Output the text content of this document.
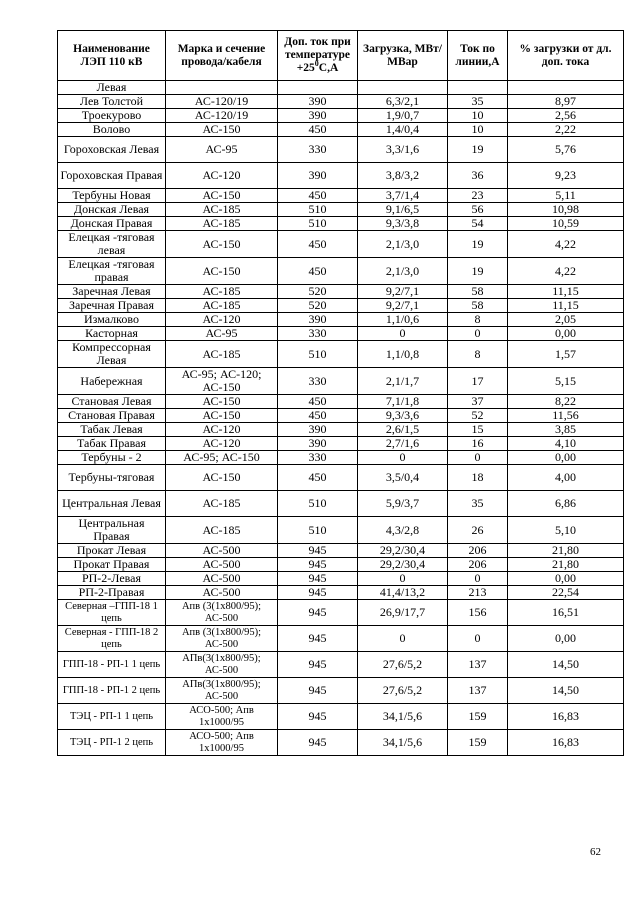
Наименование ЛЭП 110 кВ	Марка и сечение провода/кабеля	Доп. ток при температуре $+25^0С,А$	Загрузка, МВт/МВар	Ток по линии,А	% загрузки от дл. доп. тока
Левая					
Лев Толстой	АС-120/19	390	6,3/2,1	35	8,97
Троекурово	АС-120/19	390	1,9/0,7	10	2,56
Волово	АС-150	450	1,4/0,4	10	2,22
Гороховская Левая	АС-95	330	3,3/1,6	19	5,76
Гороховская Правая	АС-120	390	3,8/3,2	36	9,23
Тербуны Новая	АС-150	450	3,7/1,4	23	5,11
Донская Левая	АС-185	510	9,1/6,5	56	10,98
Донская Правая	АС-185	510	9,3/3,8	54	10,59
Елецкая -тяговая левая	АС-150	450	2,1/3,0	19	4,22
Елецкая -тяговая правая	АС-150	450	2,1/3,0	19	4,22
Заречная Левая	АС-185	520	9,2/7,1	58	11,15
Заречная Правая	АС-185	520	9,2/7,1	58	11,15
Измалково	АС-120	390	1,1/0,6	8	2,05
Касторная	АС-95	330	0	0	0,00
Компрессорная Левая	АС-185	510	1,1/0,8	8	1,57
Набережная	АС-95; АС-120; АС-150	330	2,1/1,7	17	5,15
Становая Левая	АС-150	450	7,1/1,8	37	8,22
Становая Правая	АС-150	450	9,3/3,6	52	11,56
Табак Левая	АС-120	390	2,6/1,5	15	3,85
Табак Правая	АС-120	390	2,7/1,6	16	4,10
Тербуны - 2	АС-95; АС-150	330	0	0	0,00
Тербуны-тяговая	АС-150	450	3,5/0,4	18	4,00
Центральная Левая	АС-185	510	5,9/3,7	35	6,86
Центральная Правая	АС-185	510	4,3/2,8	26	5,10
Прокат Левая	АС-500	945	29,2/30,4	206	21,80
Прокат Правая	АС-500	945	29,2/30,4	206	21,80
РП-2-Левая	АС-500	945	0	0	0,00
РП-2-Правая	АС-500	945	41,4/13,2	213	22,54
Северная –ГПП-18 1 цепь	Апв (3(1х800/95); АС-500	945	26,9/17,7	156	16,51
Северная - ГПП-18 2 цепь	Апв (3(1х800/95); АС-500	945	0	0	0,00
ГПП-18 - РП-1 1 цепь	АПв(3(1х800/95); АС-500	945	27,6/5,2	137	14,50
ГПП-18 - РП-1 2 цепь	АПв(3(1х800/95); АС-500	945	27,6/5,2	137	14,50
ТЭЦ - РП-1 1 цепь	АСО-500; Апв 1х1000/95	945	34,1/5,6	159	16,83
ТЭЦ - РП-1 2 цепь	АСО-500; Апв 1х1000/95	945	34,1/5,6	159	16,83
62
